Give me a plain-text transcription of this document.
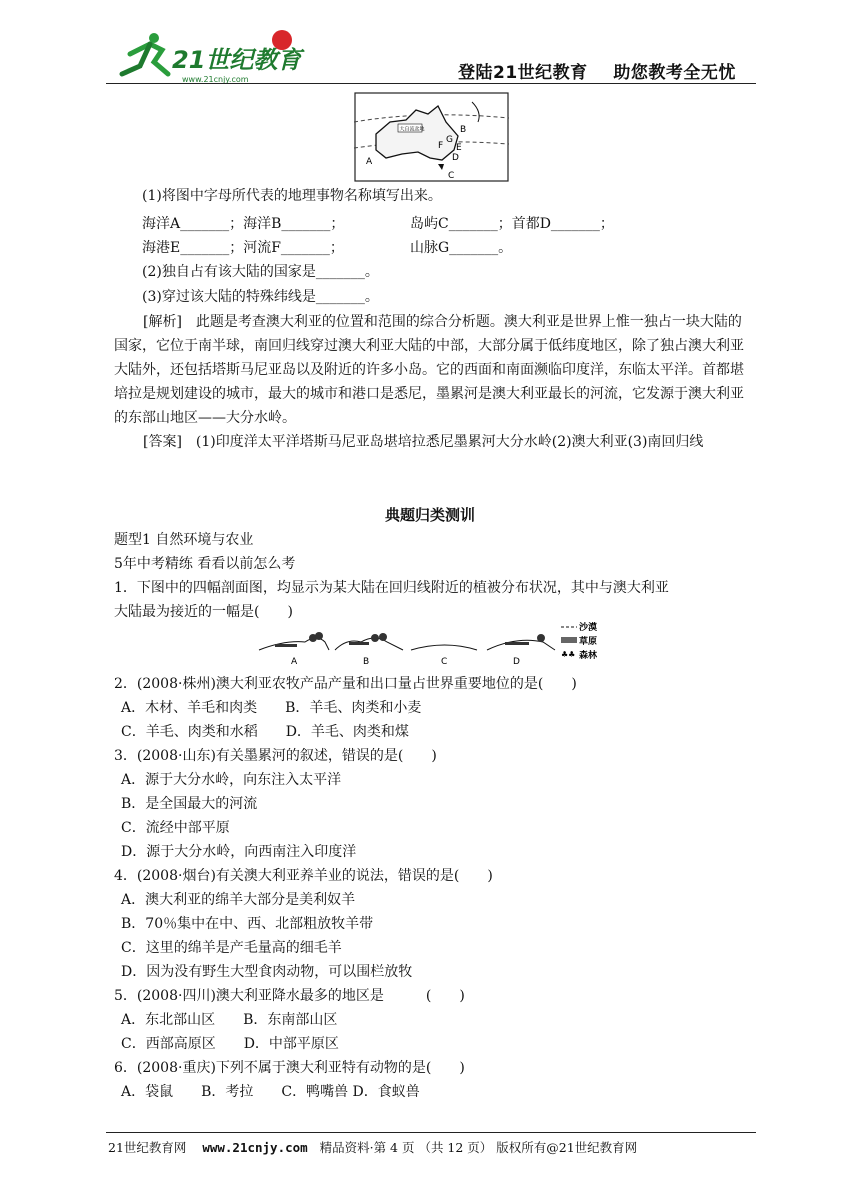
21世纪教育
www.21cnjy.com	登陆21世纪教育    助您教考全无忧
大自流盆地
A
B
C
D
E
F
G
(1)将图中字母所代表的地理事物名称填写出来。
海洋A_______；海洋B_______；	岛屿C_______；首都D_______；
海港E_______；河流F_______；	山脉G_______。
(2)独自占有该大陆的国家是_______。
(3)穿过该大陆的特殊纬线是_______。
[解析]　此题是考查澳大利亚的位置和范围的综合分析题。澳大利亚是世界上惟一独占一块大陆的国家，它位于南半球，南回归线穿过澳大利亚大陆的中部，大部分属于低纬度地区，除了独占澳大利亚大陆外，还包括塔斯马尼亚岛以及附近的许多小岛。它的西面和南面濒临印度洋，东临太平洋。首都堪培拉是规划建设的城市，最大的城市和港口是悉尼，墨累河是澳大利亚最长的河流，它发源于澳大利亚的东部山地区——大分水岭。
[答案]　(1)印度洋太平洋塔斯马尼亚岛堪培拉悉尼墨累河大分水岭(2)澳大利亚(3)南回归线
典题归类测训
题型1 自然环境与农业
5年中考精练 看看以前怎么考
1．下图中的四幅剖面图，均显示为某大陆在回归线附近的植被分布状况，其中与澳大利亚
大陆最为接近的一幅是(　　)
A	B	C	D
沙漠
草原
♣♣ 森林
2．(2008·株州)澳大利亚农牧产品产量和出口量占世界重要地位的是(　　)
A．木材、羊毛和肉类　　B．羊毛、肉类和小麦
C．羊毛、肉类和水稻　　D．羊毛、肉类和煤
3．(2008·山东)有关墨累河的叙述，错误的是(　　)
A．源于大分水岭，向东注入太平洋
B．是全国最大的河流
C．流经中部平原
D．源于大分水岭，向西南注入印度洋
4．(2008·烟台)有关澳大利亚养羊业的说法，错误的是(　　)
A．澳大利亚的绵羊大部分是美利奴羊
B．70％集中在中、西、北部粗放牧羊带
C．这里的绵羊是产毛量高的细毛羊
D．因为没有野生大型食肉动物，可以围栏放牧
5．(2008·四川)澳大利亚降水最多的地区是　　　(　　)
A．东北部山区　　B．东南部山区
C．西部高原区　　D．中部平原区
6．(2008·重庆)下列不属于澳大利亚特有动物的是(　　)
A．袋鼠　　B．考拉　　C．鸭嘴兽 D．食蚁兽
21世纪教育网 www.21cnjy.com 精品资料·第 4 页 （共 12 页） 版权所有@21世纪教育网
